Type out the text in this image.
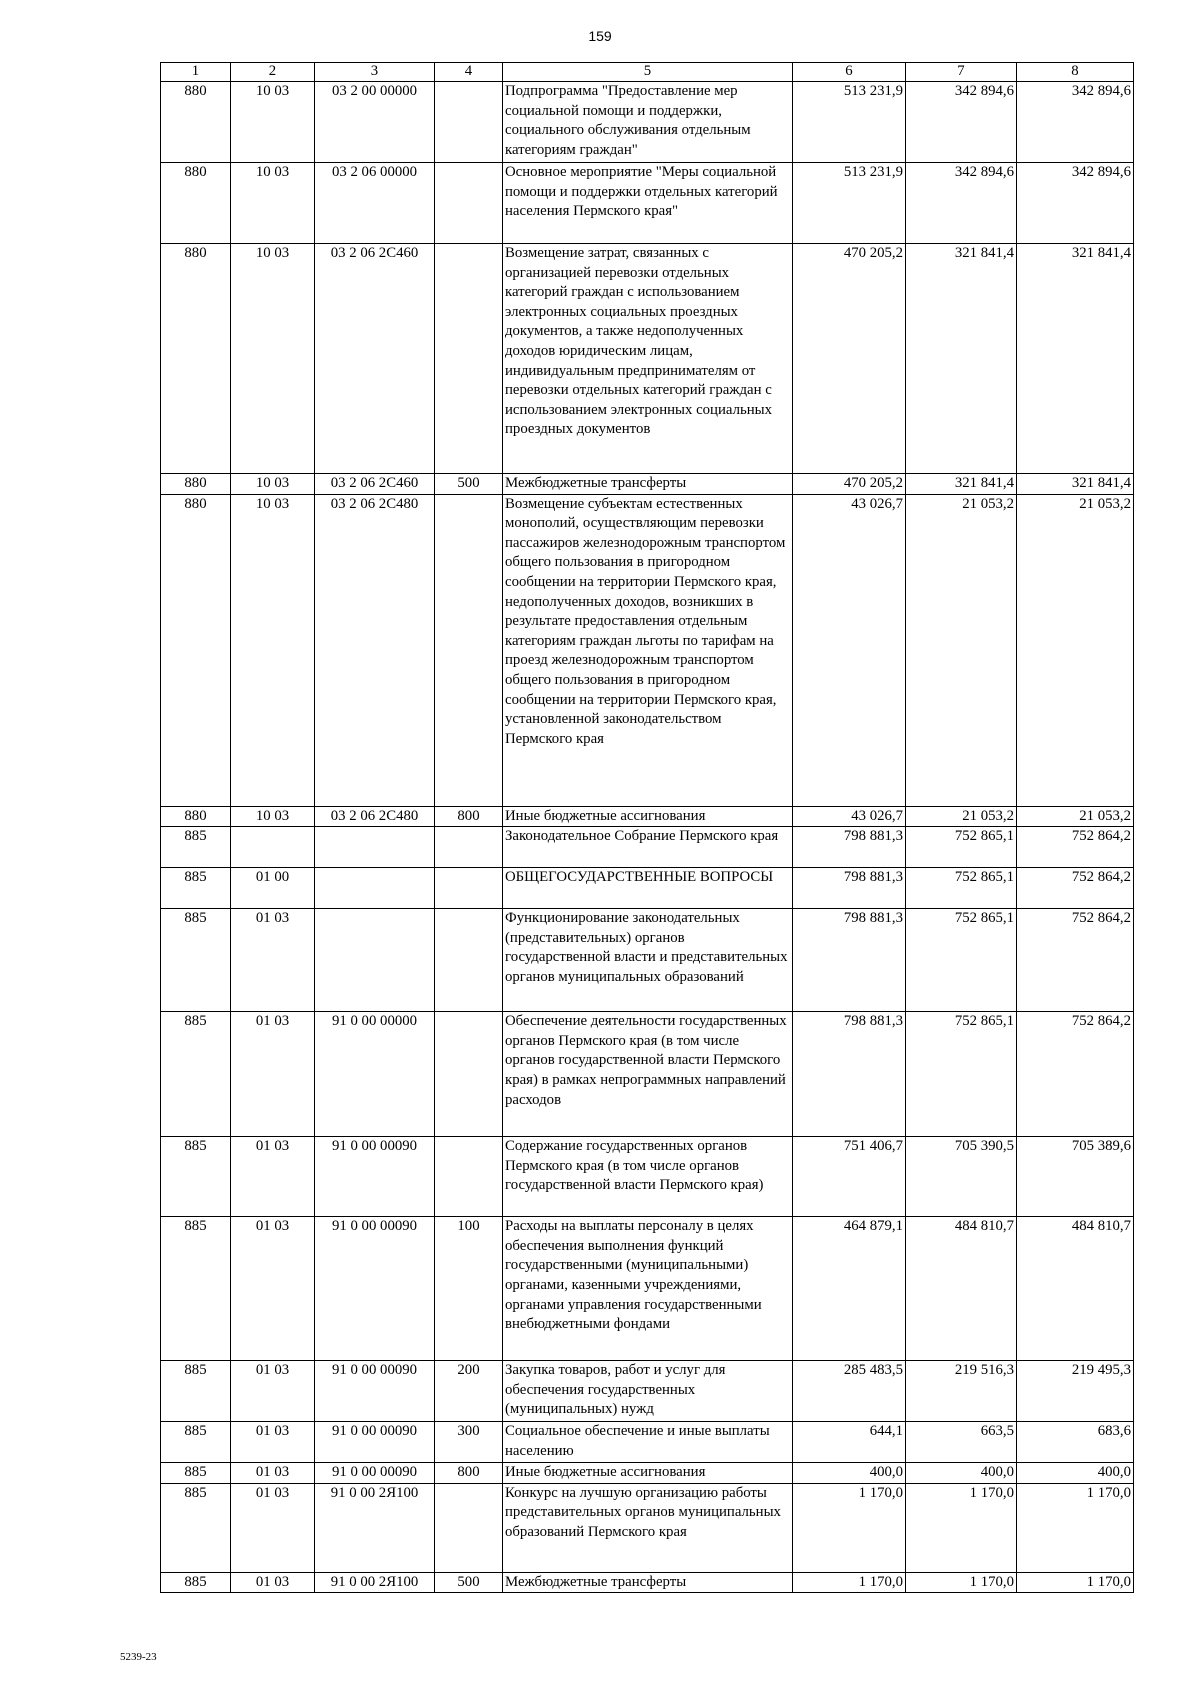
159
1	2	3	4	5	6	7	8
880	10 03	03 2 00 00000		Подпрограмма "Предоставление мер социальной помощи и поддержки, социального обслуживания отдельным категориям граждан"	513 231,9	342 894,6	342 894,6
880	10 03	03 2 06 00000		Основное мероприятие "Меры социальной помощи и поддержки отдельных категорий населения Пермского края"	513 231,9	342 894,6	342 894,6
880	10 03	03 2 06 2С460		Возмещение затрат, связанных с организацией перевозки отдельных категорий граждан с использованием электронных социальных проездных документов, а также недополученных доходов юридическим лицам, индивидуальным предпринимателям от перевозки отдельных категорий граждан с использованием электронных социальных проездных документов	470 205,2	321 841,4	321 841,4
880	10 03	03 2 06 2С460	500	Межбюджетные трансферты	470 205,2	321 841,4	321 841,4
880	10 03	03 2 06 2С480		Возмещение субъектам естественных монополий, осуществляющим перевозки пассажиров железнодорожным транспортом общего пользования в пригородном сообщении на территории Пермского края, недополученных доходов, возникших в результате предоставления отдельным категориям граждан льготы по тарифам на проезд железнодорожным транспортом общего пользования в пригородном сообщении на территории Пермского края, установленной законодательством Пермского края	43 026,7	21 053,2	21 053,2
880	10 03	03 2 06 2С480	800	Иные бюджетные ассигнования	43 026,7	21 053,2	21 053,2
885				Законодательное Собрание Пермского края	798 881,3	752 865,1	752 864,2
885	01 00			ОБЩЕГОСУДАРСТВЕННЫЕ ВОПРОСЫ	798 881,3	752 865,1	752 864,2
885	01 03			Функционирование законодательных (представительных) органов государственной власти и представительных органов муниципальных образований	798 881,3	752 865,1	752 864,2
885	01 03	91 0 00 00000		Обеспечение деятельности государственных органов Пермского края (в том числе органов государственной власти Пермского края) в рамках непрограммных направлений расходов	798 881,3	752 865,1	752 864,2
885	01 03	91 0 00 00090		Содержание государственных органов Пермского края (в том числе органов государственной власти Пермского края)	751 406,7	705 390,5	705 389,6
885	01 03	91 0 00 00090	100	Расходы на выплаты персоналу в целях обеспечения выполнения функций государственными (муниципальными) органами, казенными учреждениями, органами управления государственными внебюджетными фондами	464 879,1	484 810,7	484 810,7
885	01 03	91 0 00 00090	200	Закупка товаров, работ и услуг для обеспечения государственных (муниципальных) нужд	285 483,5	219 516,3	219 495,3
885	01 03	91 0 00 00090	300	Социальное обеспечение и иные выплаты населению	644,1	663,5	683,6
885	01 03	91 0 00 00090	800	Иные бюджетные ассигнования	400,0	400,0	400,0
885	01 03	91 0 00 2Я100		Конкурс на лучшую организацию работы представительных органов муниципальных образований Пермского края	1 170,0	1 170,0	1 170,0
885	01 03	91 0 00 2Я100	500	Межбюджетные трансферты	1 170,0	1 170,0	1 170,0
5239-23
